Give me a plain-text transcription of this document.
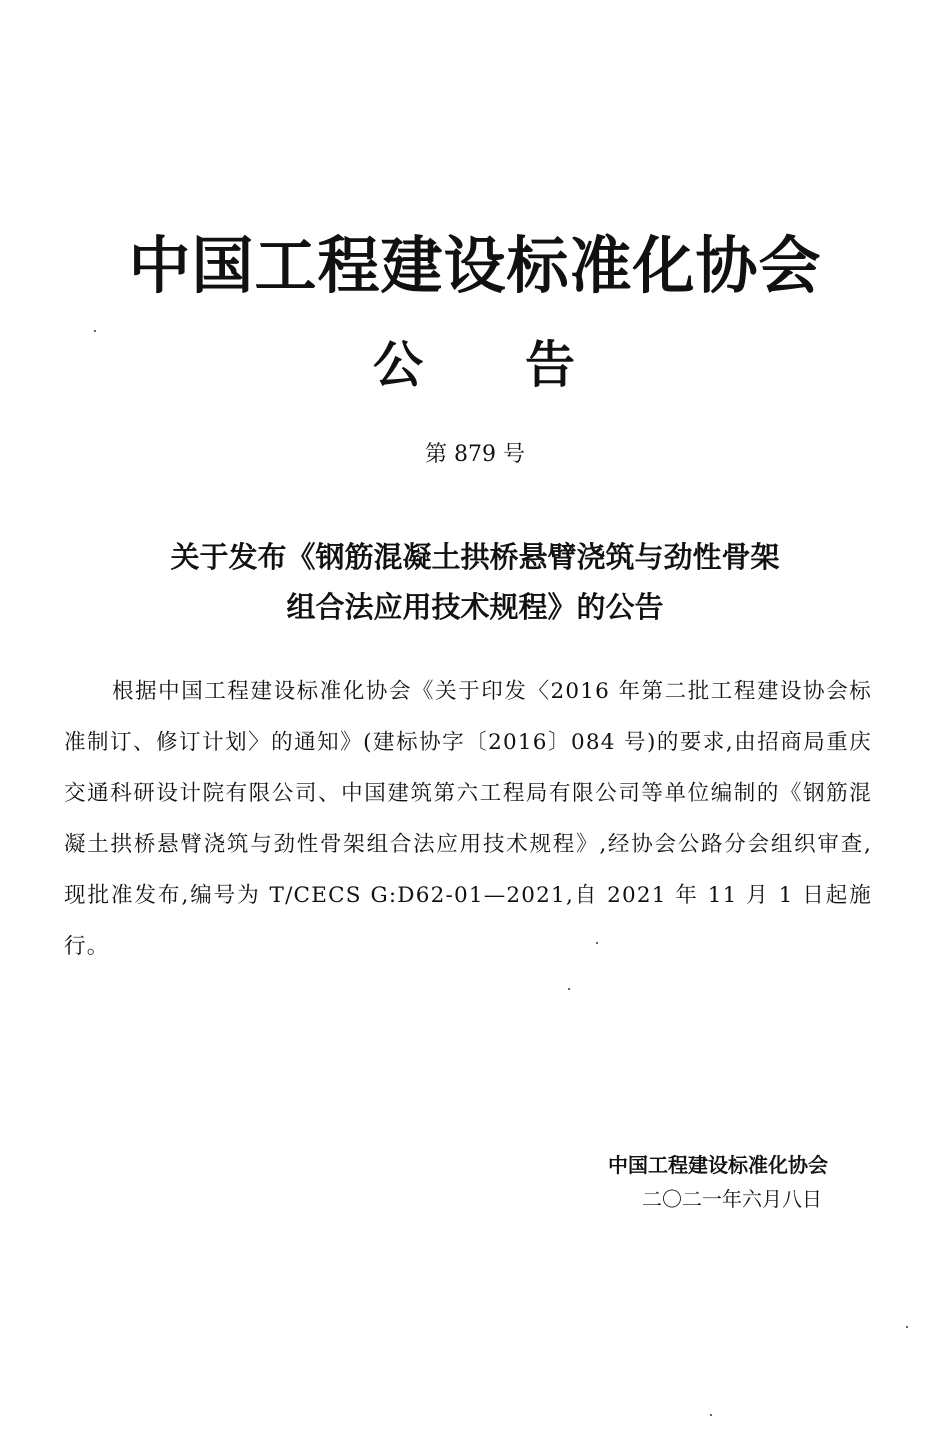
中国工程建设标准化协会
公 告
第 879 号
关于发布《钢筋混凝土拱桥悬臂浇筑与劲性骨架
组合法应用技术规程》的公告
根据中国工程建设标准化协会《关于印发〈2016 年第二批工程建设协会标准制订、修订计划〉的通知》(建标协字〔2016〕084 号)的要求,由招商局重庆交通科研设计院有限公司、中国建筑第六工程局有限公司等单位编制的《钢筋混凝土拱桥悬臂浇筑与劲性骨架组合法应用技术规程》,经协会公路分会组织审查,现批准发布,编号为 T/CECS G:D62-01—2021,自 2021 年 11 月 1 日起施行。
中国工程建设标准化协会
二〇二一年六月八日
